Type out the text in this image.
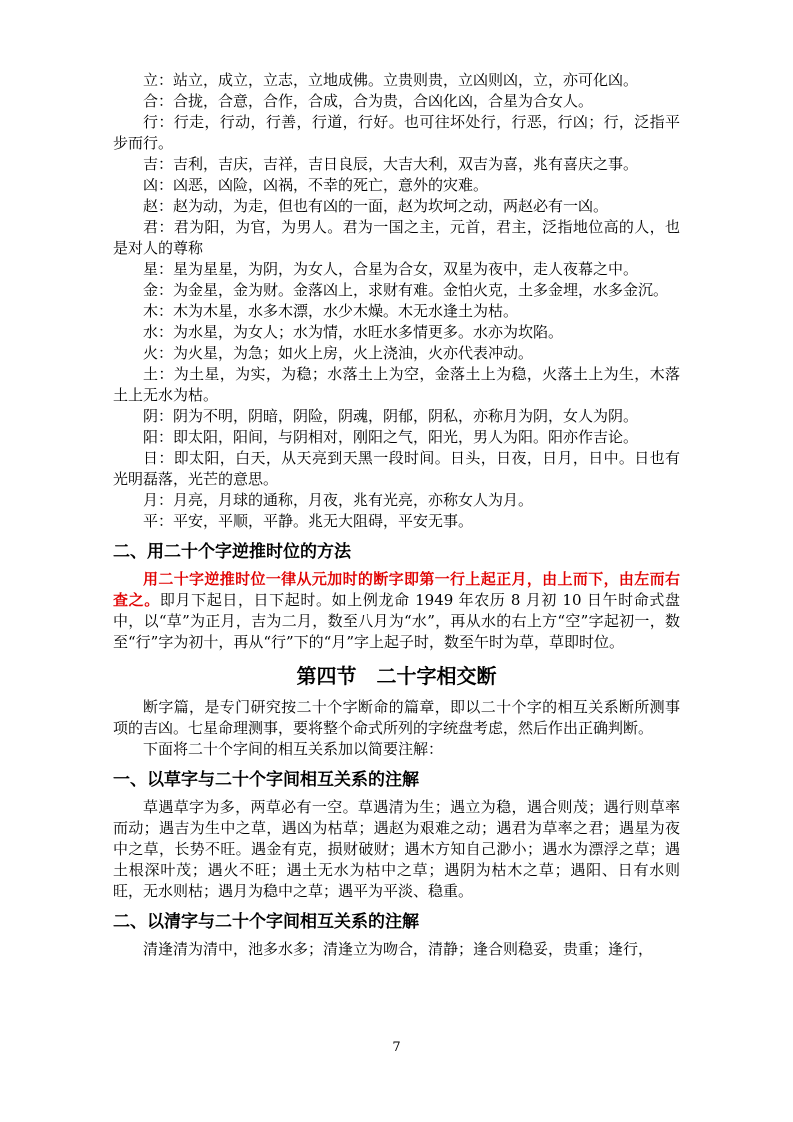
立：站立，成立，立志，立地成佛。立贵则贵，立凶则凶，立，亦可化凶。

合：合拢，合意，合作，合成，合为贵，合凶化凶，合星为合女人。

行：行走，行动，行善，行道，行好。也可往坏处行，行恶，行凶；行，泛指平步而行。

吉：吉利，吉庆，吉祥，吉日良辰，大吉大利，双吉为喜，兆有喜庆之事。

凶：凶恶，凶险，凶祸，不幸的死亡，意外的灾难。

赵：赵为动，为走，但也有凶的一面，赵为坎坷之动，两赵必有一凶。

君：君为阳，为官，为男人。君为一国之主，元首，君主，泛指地位高的人，也是对人的尊称

星：星为星星，为阴，为女人，合星为合女，双星为夜中，走人夜幕之中。

金：为金星，金为财。金落凶上，求财有难。金怕火克，土多金埋，水多金沉。

木：木为木星，水多木漂，水少木燥。木无水逢土为枯。

水：为水星，为女人；水为情，水旺水多情更多。水亦为坎陷。

火：为火星，为急；如火上房，火上浇油，火亦代表冲动。

土：为土星，为实，为稳；水落土上为空，金落土上为稳，火落土上为生，木落土上无水为枯。

阴：阴为不明，阴暗，阴险，阴魂，阴郁，阴私，亦称月为阴，女人为阴。

阳：即太阳，阳间，与阴相对，刚阳之气，阳光，男人为阳。阳亦作吉论。

日：即太阳，白天，从天亮到天黑一段时间。日头，日夜，日月，日中。日也有光明磊落，光芒的意思。

月：月亮，月球的通称，月夜，兆有光亮，亦称女人为月。

平：平安，平顺，平静。兆无大阻碍，平安无事。

二、用二十个字逆推时位的方法

用二十字逆推时位一律从元加时的断字即第一行上起正月，由上而下，由左而右查之。即月下起日，日下起时。如上例龙命 1949 年农历 8 月初 10 日午时命式盘中，以“草”为正月，吉为二月，数至八月为“水”，再从水的右上方“空”字起初一，数至“行”字为初十，再从“行”下的“月”字上起子时，数至午时为草，草即时位。

第四节　二十字相交断

断字篇，是专门研究按二十个字断命的篇章，即以二十个字的相互关系断所测事项的吉凶。七星命理测事，要将整个命式所列的字统盘考虑，然后作出正确判断。

下面将二十个字间的相互关系加以简要注解：

一、以草字与二十个字间相互关系的注解

草遇草字为多，两草必有一空。草遇清为生；遇立为稳，遇合则茂；遇行则草率而动；遇吉为生中之草，遇凶为枯草；遇赵为艰难之动；遇君为草率之君；遇星为夜中之草，长势不旺。遇金有克，损财破财；遇木方知自己渺小；遇水为漂浮之草；遇土根深叶茂；遇火不旺；遇土无水为枯中之草；遇阴为枯木之草；遇阳、日有水则旺，无水则枯；遇月为稳中之草；遇平为平淡、稳重。

二、以清字与二十个字间相互关系的注解

清逢清为清中，池多水多；清逢立为吻合，清静；逢合则稳妥，贵重；逢行，

7
